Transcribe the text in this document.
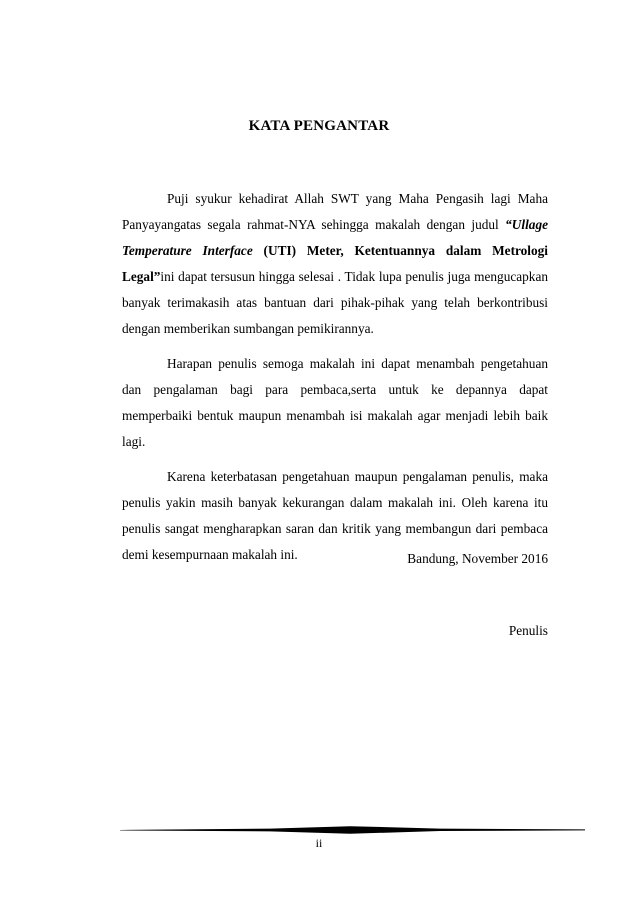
KATA PENGANTAR

Puji syukur kehadirat Allah SWT yang Maha Pengasih lagi Maha Panyayangatas segala rahmat-NYA sehingga makalah dengan judul “Ullage Temperature Interface (UTI) Meter, Ketentuannya dalam Metrologi Legal”ini dapat tersusun hingga selesai . Tidak lupa penulis juga mengucapkan banyak terimakasih atas bantuan dari pihak-pihak yang telah berkontribusi dengan memberikan sumbangan pemikirannya.

Harapan penulis semoga makalah ini dapat menambah pengetahuan dan pengalaman bagi para pembaca,serta untuk ke depannya dapat memperbaiki bentuk maupun menambah isi makalah agar menjadi lebih baik lagi.

Karena keterbatasan pengetahuan maupun pengalaman penulis, maka penulis yakin masih banyak kekurangan dalam makalah ini. Oleh karena itu penulis sangat mengharapkan saran dan kritik yang membangun dari pembaca demi kesempurnaan makalah ini.	Bandung, November 2016
Penulis
ii
